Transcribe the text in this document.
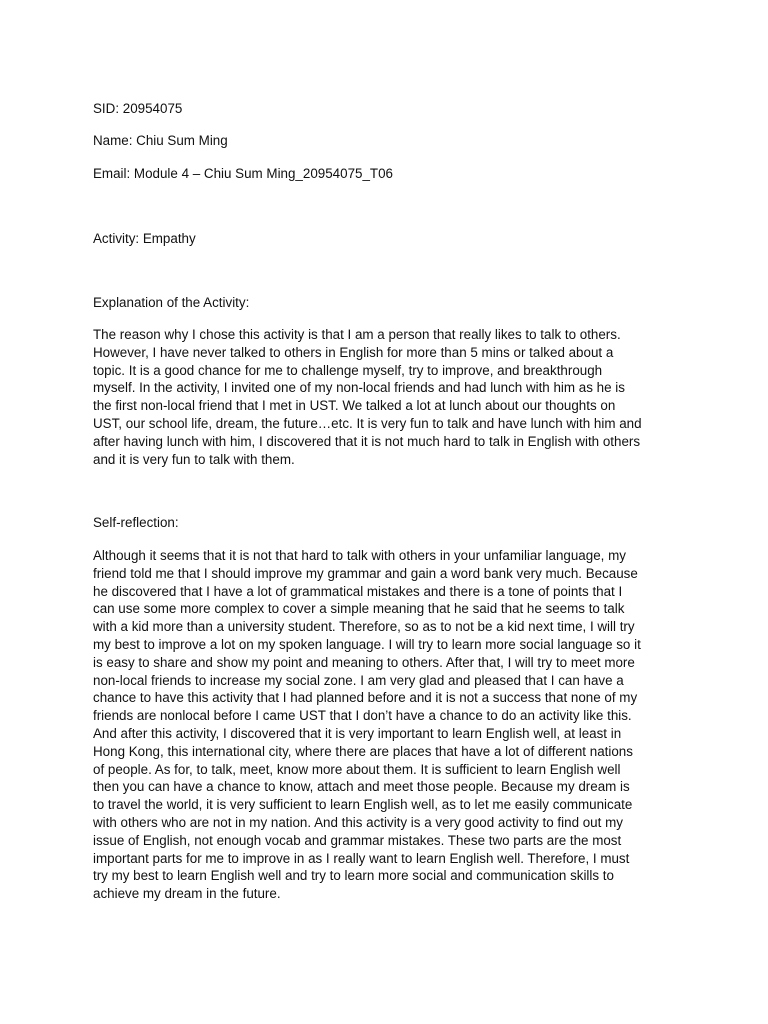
SID: 20954075

Name: Chiu Sum Ming

Email: Module 4 – Chiu Sum Ming_20954075_T06

Activity: Empathy

Explanation of the Activity:

The reason why I chose this activity is that I am a person that really likes to talk to others.
However, I have never talked to others in English for more than 5 mins or talked about a
topic. It is a good chance for me to challenge myself, try to improve, and breakthrough
myself. In the activity, I invited one of my non-local friends and had lunch with him as he is
the first non-local friend that I met in UST. We talked a lot at lunch about our thoughts on
UST, our school life, dream, the future…etc. It is very fun to talk and have lunch with him and
after having lunch with him, I discovered that it is not much hard to talk in English with others
and it is very fun to talk with them.

Self-reflection:

Although it seems that it is not that hard to talk with others in your unfamiliar language, my
friend told me that I should improve my grammar and gain a word bank very much. Because
he discovered that I have a lot of grammatical mistakes and there is a tone of points that I
can use some more complex to cover a simple meaning that he said that he seems to talk
with a kid more than a university student. Therefore, so as to not be a kid next time, I will try
my best to improve a lot on my spoken language. I will try to learn more social language so it
is easy to share and show my point and meaning to others. After that, I will try to meet more
non-local friends to increase my social zone. I am very glad and pleased that I can have a
chance to have this activity that I had planned before and it is not a success that none of my
friends are nonlocal before I came UST that I don’t have a chance to do an activity like this.
And after this activity, I discovered that it is very important to learn English well, at least in
Hong Kong, this international city, where there are places that have a lot of different nations
of people. As for, to talk, meet, know more about them. It is sufficient to learn English well
then you can have a chance to know, attach and meet those people. Because my dream is
to travel the world, it is very sufficient to learn English well, as to let me easily communicate
with others who are not in my nation. And this activity is a very good activity to find out my
issue of English, not enough vocab and grammar mistakes. These two parts are the most
important parts for me to improve in as I really want to learn English well. Therefore, I must
try my best to learn English well and try to learn more social and communication skills to
achieve my dream in the future.
